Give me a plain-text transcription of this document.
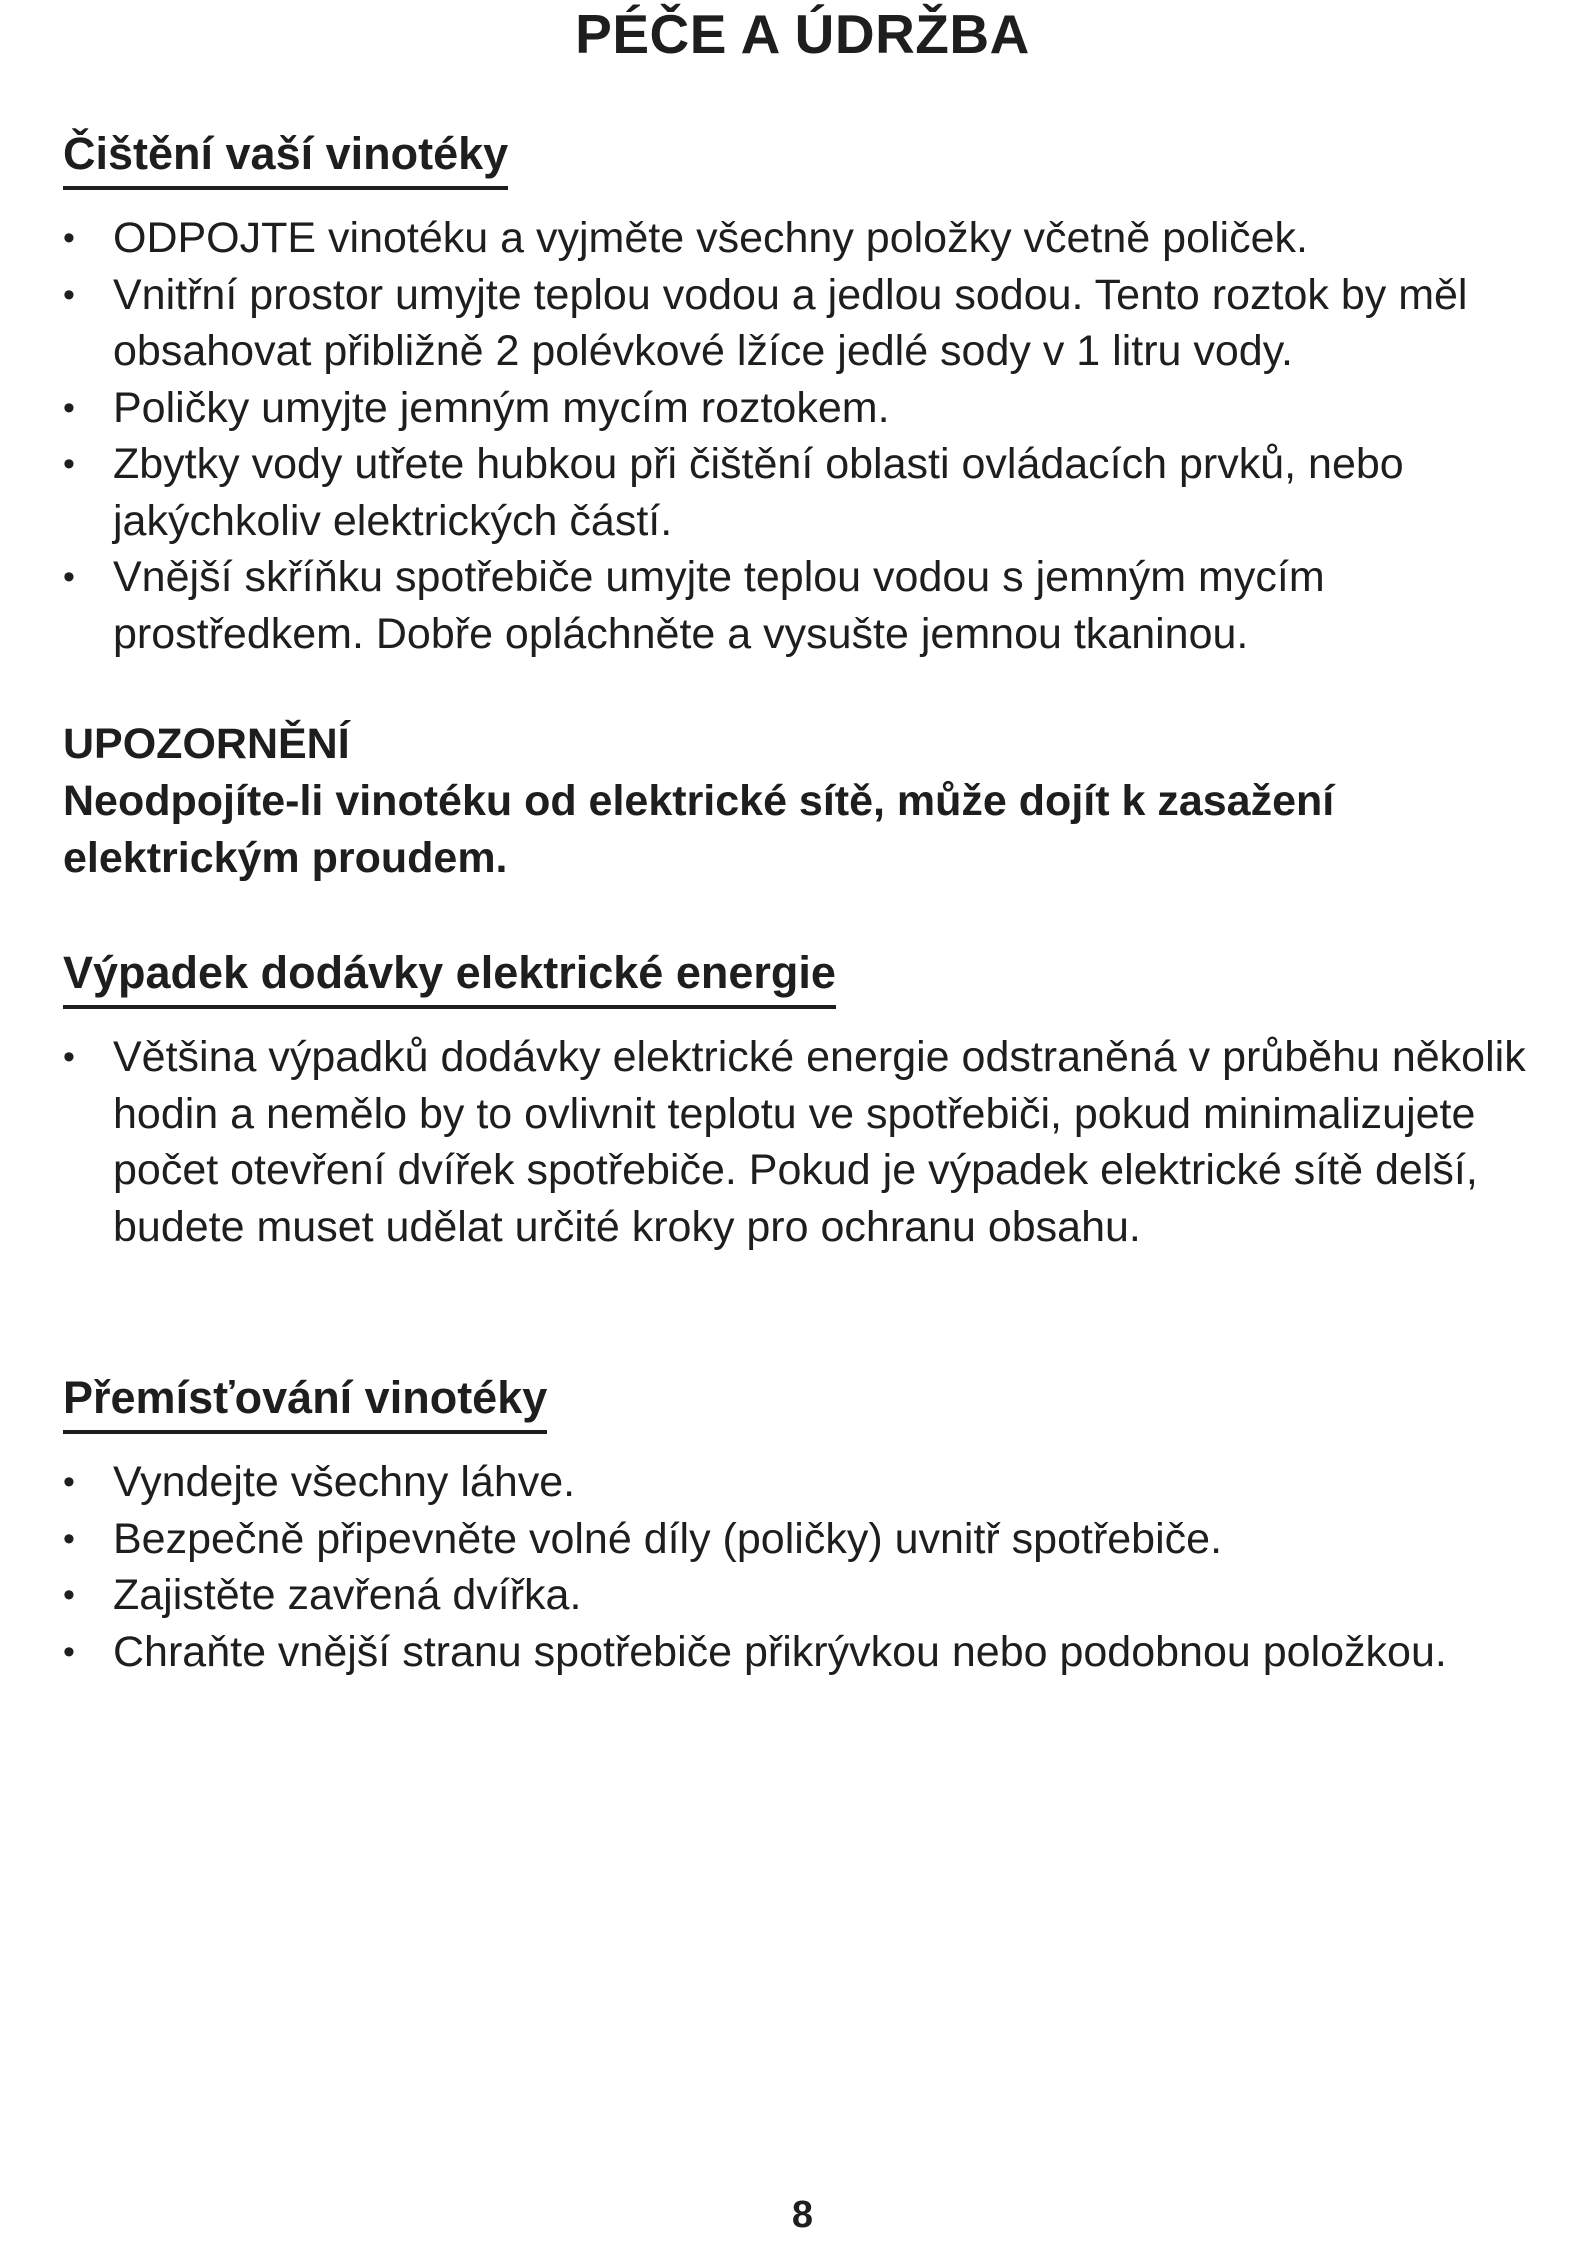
PÉČE A ÚDRŽBA
Čištění vaší vinotéky
• ODPOJTE vinotéku a vyjměte všechny položky včetně poliček.
• Vnitřní prostor umyjte teplou vodou a jedlou sodou. Tento roztok by měl obsahovat přibližně 2 polévkové lžíce jedlé sody v 1 litru vody.
• Poličky umyjte jemným mycím roztokem.
• Zbytky vody utřete hubkou při čištění oblasti ovládacích prvků, nebo jakýchkoliv elektrických částí.
• Vnější skříňku spotřebiče umyjte teplou vodou s jemným mycím prostředkem. Dobře opláchněte a vysušte jemnou tkaninou.
UPOZORNĚNÍ
Neodpojíte-li vinotéku od elektrické sítě, může dojít k zasažení elektrickým proudem.
Výpadek dodávky elektrické energie
• Většina výpadků dodávky elektrické energie odstraněná v průběhu několik hodin a nemělo by to ovlivnit teplotu ve spotřebiči, pokud minimalizujete počet otevření dvířek spotřebiče. Pokud je výpadek elektrické sítě delší, budete muset udělat určité kroky pro ochranu obsahu.
Přemísťování vinotéky
• Vyndejte všechny láhve.
• Bezpečně připevněte volné díly (poličky) uvnitř spotřebiče.
• Zajistěte zavřená dvířka.
• Chraňte vnější stranu spotřebiče přikrývkou nebo podobnou položkou.
8
